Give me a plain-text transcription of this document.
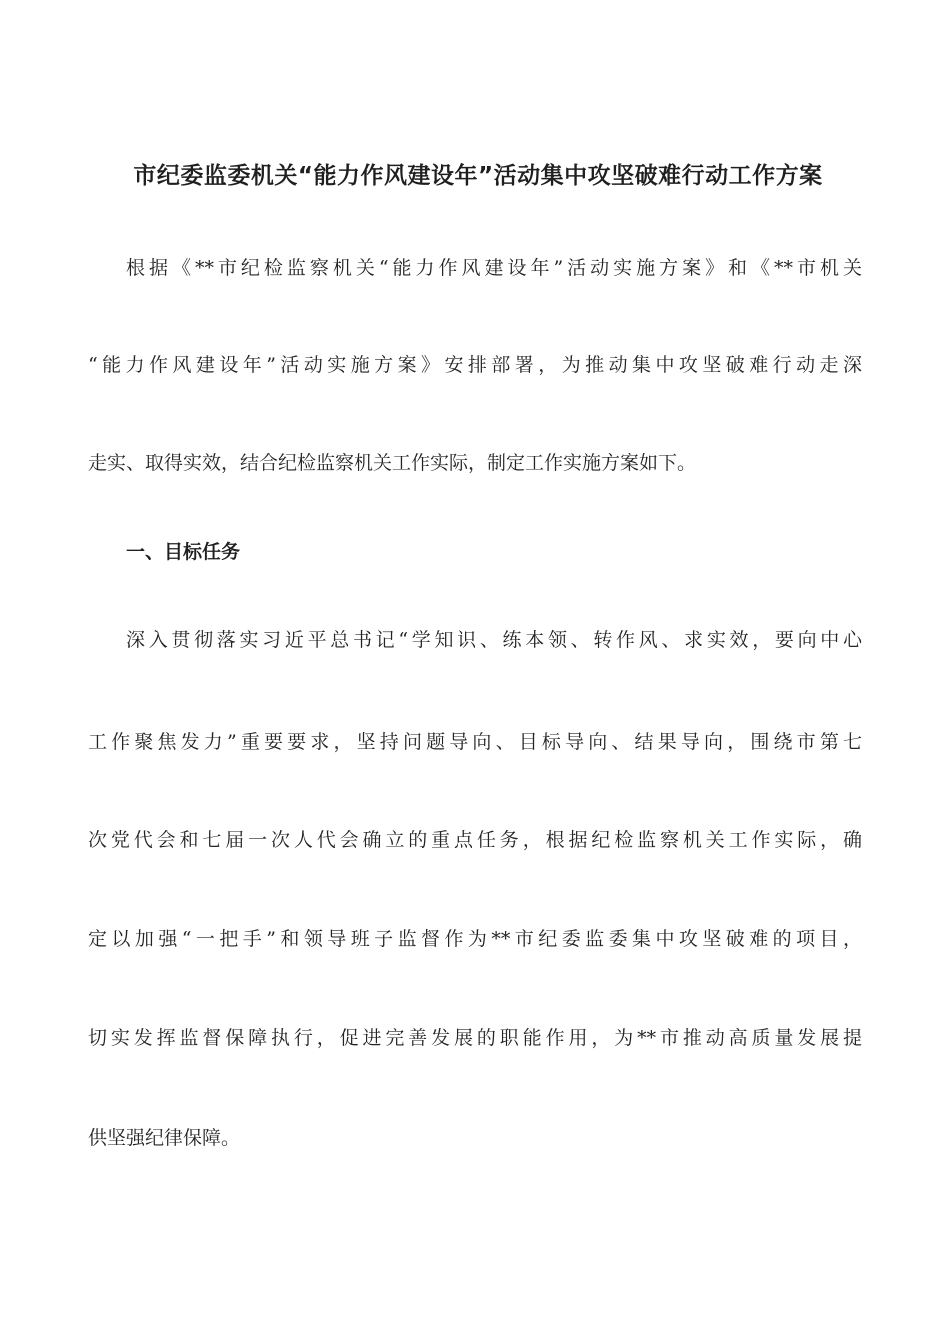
市纪委监委机关“能力作风建设年”活动集中攻坚破难行动工作方案
根据《**市纪检监察机关“能力作风建设年”活动实施方案》和《**市机关
“能力作风建设年”活动实施方案》安排部署，为推动集中攻坚破难行动走深
走实、取得实效，结合纪检监察机关工作实际，制定工作实施方案如下。
一、目标任务
深入贯彻落实习近平总书记“学知识、练本领、转作风、求实效，要向中心
工作聚焦发力”重要要求，坚持问题导向、目标导向、结果导向，围绕市第七
次党代会和七届一次人代会确立的重点任务，根据纪检监察机关工作实际，确
定以加强“一把手”和领导班子监督作为**市纪委监委集中攻坚破难的项目，
切实发挥监督保障执行，促进完善发展的职能作用，为**市推动高质量发展提
供坚强纪律保障。
